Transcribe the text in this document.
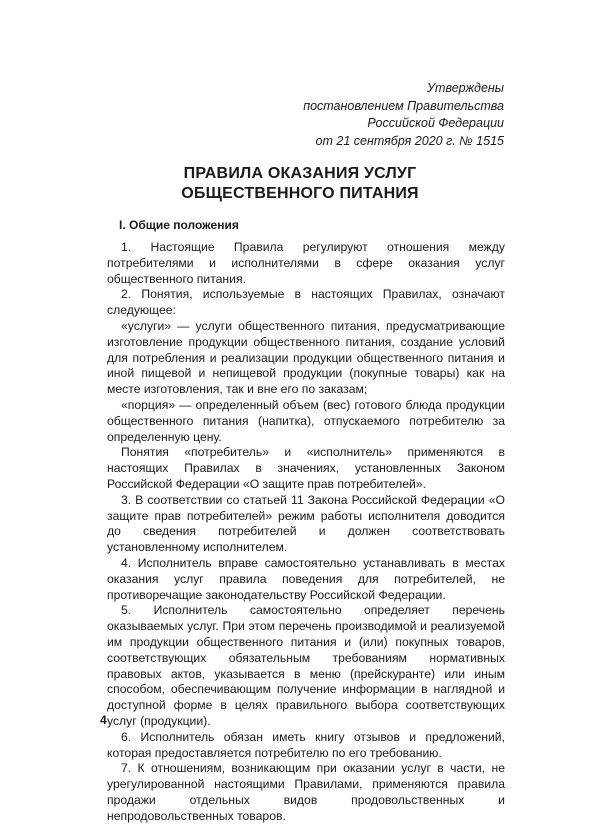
Утверждены
постановлением Правительства
Российской Федерации
от 21 сентября 2020 г. № 1515
ПРАВИЛА ОКАЗАНИЯ УСЛУГ
ОБЩЕСТВЕННОГО ПИТАНИЯ
I. Общие положения

1. Настоящие Правила регулируют отношения между потребителями и исполнителями в сфере оказания услуг общественного питания.

2. Понятия, используемые в настоящих Правилах, означают следующее:

«услуги» — услуги общественного питания, предусматривающие изготовление продукции общественного питания, создание условий для потребления и реализации продукции общественного питания и иной пищевой и непищевой продукции (покупные товары) как на месте изготовления, так и вне его по заказам;

«порция» — определенный объем (вес) готового блюда продукции общественного питания (напитка), отпускаемого потребителю за определенную цену.

Понятия «потребитель» и «исполнитель» применяются в настоящих Правилах в значениях, установленных Законом Российской Федерации «О защите прав потребителей».

3. В соответствии со статьей 11 Закона Российской Федерации «О защите прав потребителей» режим работы исполнителя доводится до сведения потребителей и должен соответствовать установленному исполнителем.

4. Исполнитель вправе самостоятельно устанавливать в местах оказания услуг правила поведения для потребителей, не противоречащие законодательству Российской Федерации.

5. Исполнитель самостоятельно определяет перечень оказываемых услуг. При этом перечень производимой и реализуемой им продукции общественного питания и (или) покупных товаров, соответствующих обязательным требованиям нормативных правовых актов, указывается в меню (прейскуранте) или иным способом, обеспечивающим получение информации в наглядной и доступной форме в целях правильного выбора соответствующих услуг (продукции).

6. Исполнитель обязан иметь книгу отзывов и предложений, которая предоставляется потребителю по его требованию.

7. К отношениям, возникающим при оказании услуг в части, не урегулированной настоящими Правилами, применяются правила продажи отдельных видов продовольственных и непродовольственных товаров.

4
